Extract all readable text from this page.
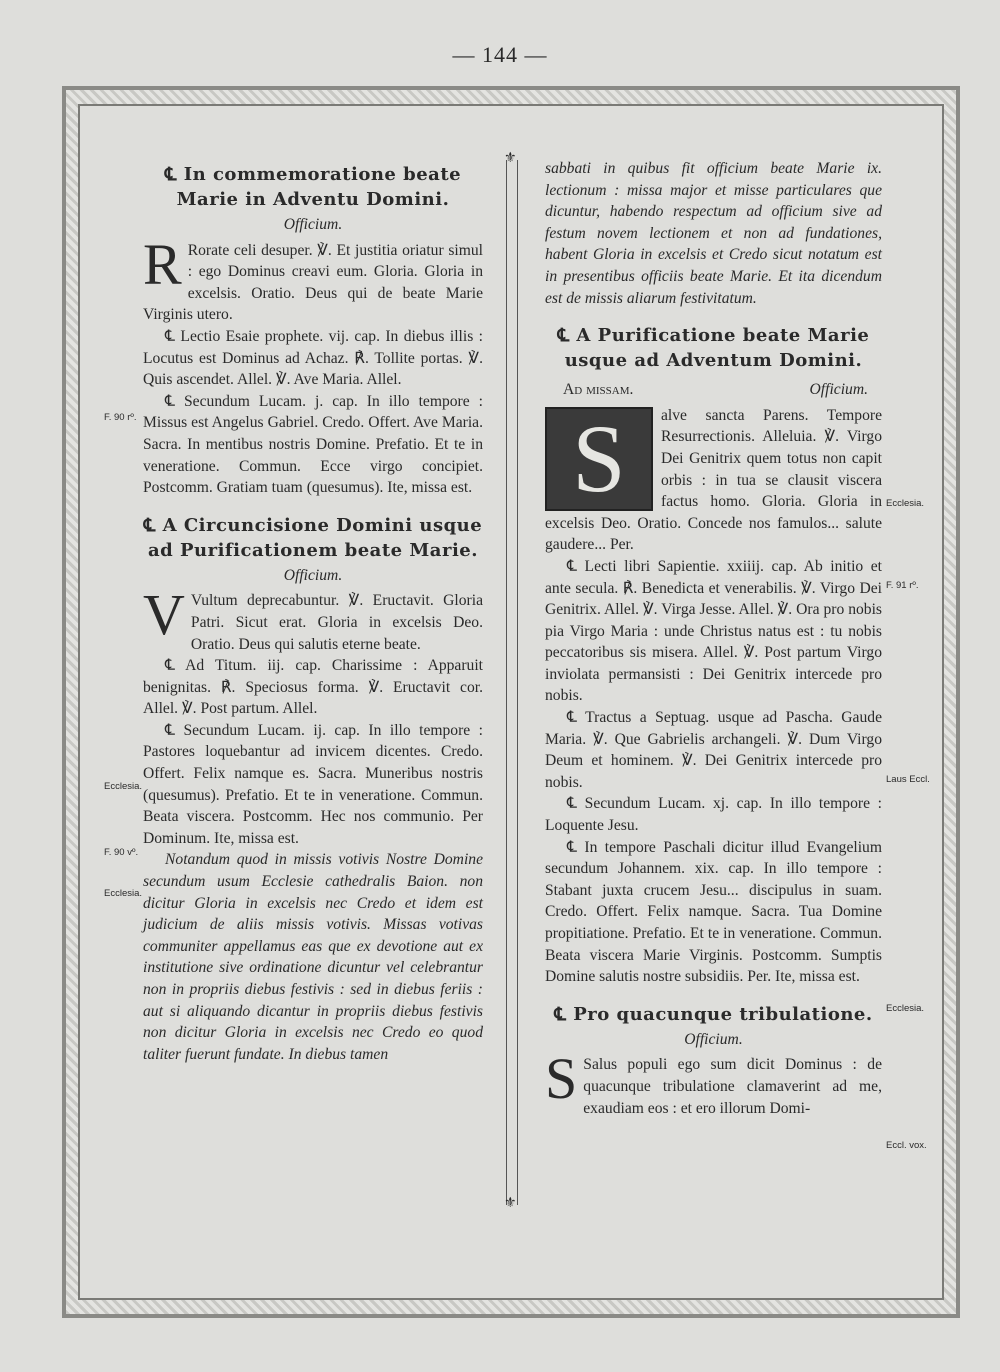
— 144 —
⚜
⚜
℄ In commemoratione beate Marie in Adventu Domini.
Officium.

R Rorate celi desuper. ℣. Et justitia oriatur simul : ego Dominus creavi eum. Gloria. Gloria in excelsis. Oratio. Deus qui de beate Marie Virginis utero.

℄ Lectio Esaie prophete. vij. cap. In diebus illis : Locutus est Dominus ad Achaz. ℟. Tollite portas. ℣. Quis ascendet. Allel. ℣. Ave Maria. Allel.

℄ Secundum Lucam. j. cap. In illo tempore : Missus est Angelus Gabriel. Credo. Offert. Ave Maria. Sacra. In mentibus nostris Domine. Prefatio. Et te in veneratione. Commun. Ecce virgo concipiet. Postcomm. Gratiam tuam (quesumus). Ite, missa est.

℄ A Circuncisione Domini usque ad Purificationem beate Marie.
Officium.

V Vultum deprecabuntur. ℣. Eructavit. Gloria Patri. Sicut erat. Gloria in excelsis Deo. Oratio. Deus qui salutis eterne beate.

℄ Ad Titum. iij. cap. Charissime : Apparuit benignitas. ℟. Speciosus forma. ℣. Eructavit cor. Allel. ℣. Post partum. Allel.

℄ Secundum Lucam. ij. cap. In illo tempore : Pastores loquebantur ad invicem dicentes. Credo. Offert. Felix namque es. Sacra. Muneribus nostris (quesumus). Prefatio. Et te in veneratione. Commun. Beata viscera. Postcomm. Hec nos communio. Per Dominum. Ite, missa est.

Notandum quod in missis votivis Nostre Domine secundum usum Ecclesie cathedralis Baion. non dicitur Gloria in excelsis nec Credo et idem est judicium de aliis missis votivis. Missas votivas communiter appellamus eas que ex devotione aut ex institutione sive ordinatione dicuntur vel celebrantur non in propriis diebus festivis : sed in diebus feriis : aut si aliquando dicantur in propriis diebus festivis non dicitur Gloria in excelsis nec Credo eo quod taliter fuerunt fundate. In diebus tamen

sabbati in quibus fit officium beate Marie ix. lectionum : missa major et misse particulares que dicuntur, habendo respectum ad officium sive ad festum novem lectionem et non ad fundationes, habent Gloria in excelsis et Credo sicut notatum est in presentibus officiis beate Marie. Et ita dicendum est de missis aliarum festivitatum.

℄ A Purificatione beate Marie usque ad Adventum Domini.
Ad missam.	Officium.

S	alve sancta Parens. Tempore Resurrectionis. Alleluia. ℣. Virgo Dei Genitrix quem totus non capit orbis : in tua se clausit viscera factus homo. Gloria. Gloria in excelsis Deo. Oratio. Concede nos famulos... salute gaudere... Per.

℄ Lecti libri Sapientie. xxiiij. cap. Ab initio et ante secula. ℟. Benedicta et venerabilis. ℣. Virgo Dei Genitrix. Allel. ℣. Virga Jesse. Allel. ℣. Ora pro nobis pia Virgo Maria : unde Christus natus est : tu nobis peccatoribus sis misera. Allel. ℣. Post partum Virgo inviolata permansisti : Dei Genitrix intercede pro nobis.

℄ Tractus a Septuag. usque ad Pascha. Gaude Maria. ℣. Que Gabrielis archangeli. ℣. Dum Virgo Deum et hominem. ℣. Dei Genitrix intercede pro nobis.

℄ Secundum Lucam. xj. cap. In illo tempore : Loquente Jesu.

℄ In tempore Paschali dicitur illud Evangelium secundum Johannem. xix. cap. In illo tempore : Stabant juxta crucem Jesu... discipulus in suam. Credo. Offert. Felix namque. Sacra. Tua Domine propitiatione. Prefatio. Et te in veneratione. Commun. Beata viscera Marie Virginis. Postcomm. Sumptis Domine salutis nostre subsidiis. Per. Ite, missa est.

℄ Pro quacunque tribulatione.
Officium.

S Salus populi ego sum dicit Dominus : de quacunque tribulatione clamaverint ad me, exaudiam eos : et ero illorum Domi-

F. 90 rº.
Ecclesia.
F. 90 vº.
Ecclesia.
Ecclesia.
F. 91 rº.
Laus Eccl.
Ecclesia.
Eccl. vox.
